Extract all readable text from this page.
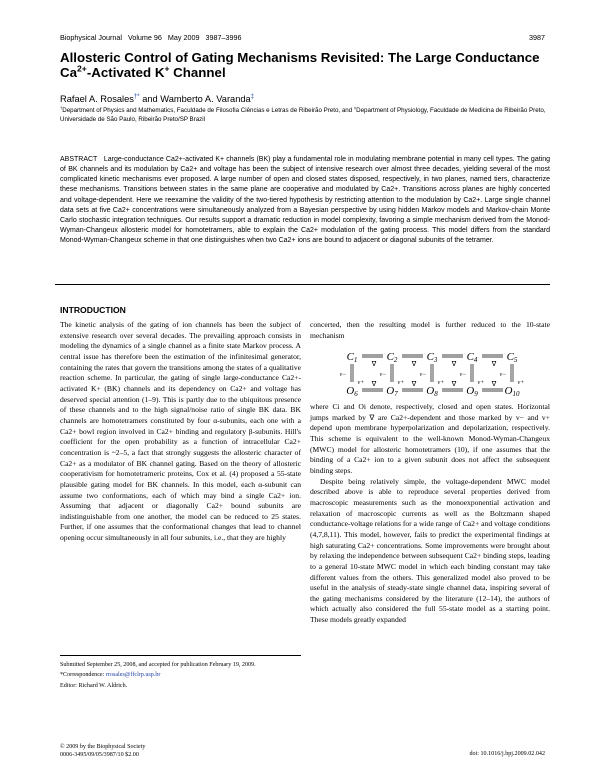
Biophysical Journal Volume 96 May 2009 3987–3996	3987
Allosteric Control of Gating Mechanisms Revisited: The Large Conductance
$Ca^{2+}$-Activated K+ Channel
Rafael A. Rosales†* and Wamberto A. Varanda‡
†Department of Physics and Mathematics, Faculdade de Filosofia Ciências e Letras de Ribeirão Preto, and ‡Department of Physiology, Faculdade de Medicina de Ribeirão Preto, Universidade de São Paulo, Ribeirão Preto/SP Brazil
ABSTRACT Large-conductance Ca2+-activated K+ channels (BK) play a fundamental role in modulating membrane potential in many cell types. The gating of BK channels and its modulation by Ca2+ and voltage has been the subject of intensive research over almost three decades, yielding several of the most complicated kinetic mechanisms ever proposed. A large number of open and closed states disposed, respectively, in two planes, named tiers, characterize these mechanisms. Transitions between states in the same plane are cooperative and modulated by Ca2+. Transitions across planes are highly concerted and voltage-dependent. Here we reexamine the validity of the two-tiered hypothesis by restricting attention to the modulation by Ca2+. Large single channel data sets at five Ca2+ concentrations were simultaneously analyzed from a Bayesian perspective by using hidden Markov models and Markov-chain Monte Carlo stochastic integration techniques. Our results support a dramatic reduction in model complexity, favoring a simple mechanism derived from the Monod-Wyman-Changeux allosteric model for homotetramers, able to explain the Ca2+ modulation of the gating process. This model differs from the standard Monod-Wyman-Changeux scheme in that one distinguishes when two Ca2+ ions are bound to adjacent or diagonal subunits of the tetramer.
INTRODUCTION

The kinetic analysis of the gating of ion channels has been the subject of extensive research over several decades. The prevailing approach consists in modeling the dynamics of a single channel as a finite state Markov process. A central issue has therefore been the estimation of the infinitesimal generator, containing the rates that govern the transitions among the states of a qualitative reaction scheme. In particular, the gating of single large-conductance Ca2+-activated K+ (BK) channels and its dependency on Ca2+ and voltage has deserved special attention (1–9). This is partly due to the ubiquitous presence of these channels and to the high signal/noise ratio of single BK data. BK channels are homotetramers constituted by four α-subunits, each one with a Ca2+ bowl region involved in Ca2+ binding and regulatory β-subunits. Hill's coefficient for the open probability as a function of intracellular Ca2+ concentration is ~2–5, a fact that strongly suggests the allosteric character of Ca2+ as a modulator of BK channel gating. Based on the theory of allosteric cooperativism for homotetrameric proteins, Cox et al. (4) proposed a 55-state plausible gating model for BK channels. In this model, each α-subunit can assume two conformations, each of which may bind a single Ca2+ ion. Assuming that adjacent or diagonally Ca2+ bound subunits are indistinguishable from one another, the model can be reduced to 25 states. Further, if one assumes that the conformational changes that lead to channel opening occur simultaneously in all four subunits, i.e., that they are highly

concerted, then the resulting model is further reduced to the 10-state mechanism

C1	C2	C3	C4	C5
O6	O7	O8	O9 O10
∇
∇
∇
∇
∇
∇
∇
∇
v−
v+
v−
v+
v−
v+
v−
v+
v−
v+

where Ci and Oi denote, respectively, closed and open states. Horizontal jumps marked by ∇ are Ca2+-dependent and those marked by v− and v+ depend upon membrane hyperpolarization and depolarization, respectively. This scheme is equivalent to the well-known Monod-Wyman-Changeux (MWC) model for allosteric homotetramers (10), if one assumes that the binding of a Ca2+ ion to a given subunit does not affect the subsequent binding steps.

Despite being relatively simple, the voltage-dependent MWC model described above is able to reproduce several properties derived from macroscopic measurements such as the monoexponential activation and relaxation of macroscopic currents as well as the Boltzmann shaped conductance-voltage relations for a wide range of Ca2+ and voltage conditions (4,7,8,11). This model, however, fails to predict the experimental findings at high saturating Ca2+ concentrations. Some improvements were brought about by relaxing the independence between subsequent Ca2+ binding steps, leading to a general 10-state MWC model in which each binding constant may take different values from the others. This generalized model also proved to be useful in the analysis of steady-state single channel data, inspiring several of the gating mechanisms considered by the literature (12–14), the authors of which actually also considered the full 55-state model as a starting point. These models greatly expanded

Submitted September 25, 2008, and accepted for publication February 19, 2009.
*Correspondence: rrosales@ffclrp.usp.br
Editor: Richard W. Aldrich.
© 2009 by the Biophysical Society
0006-3495/09/05/3987/10 $2.00	doi: 10.1016/j.bpj.2009.02.042
